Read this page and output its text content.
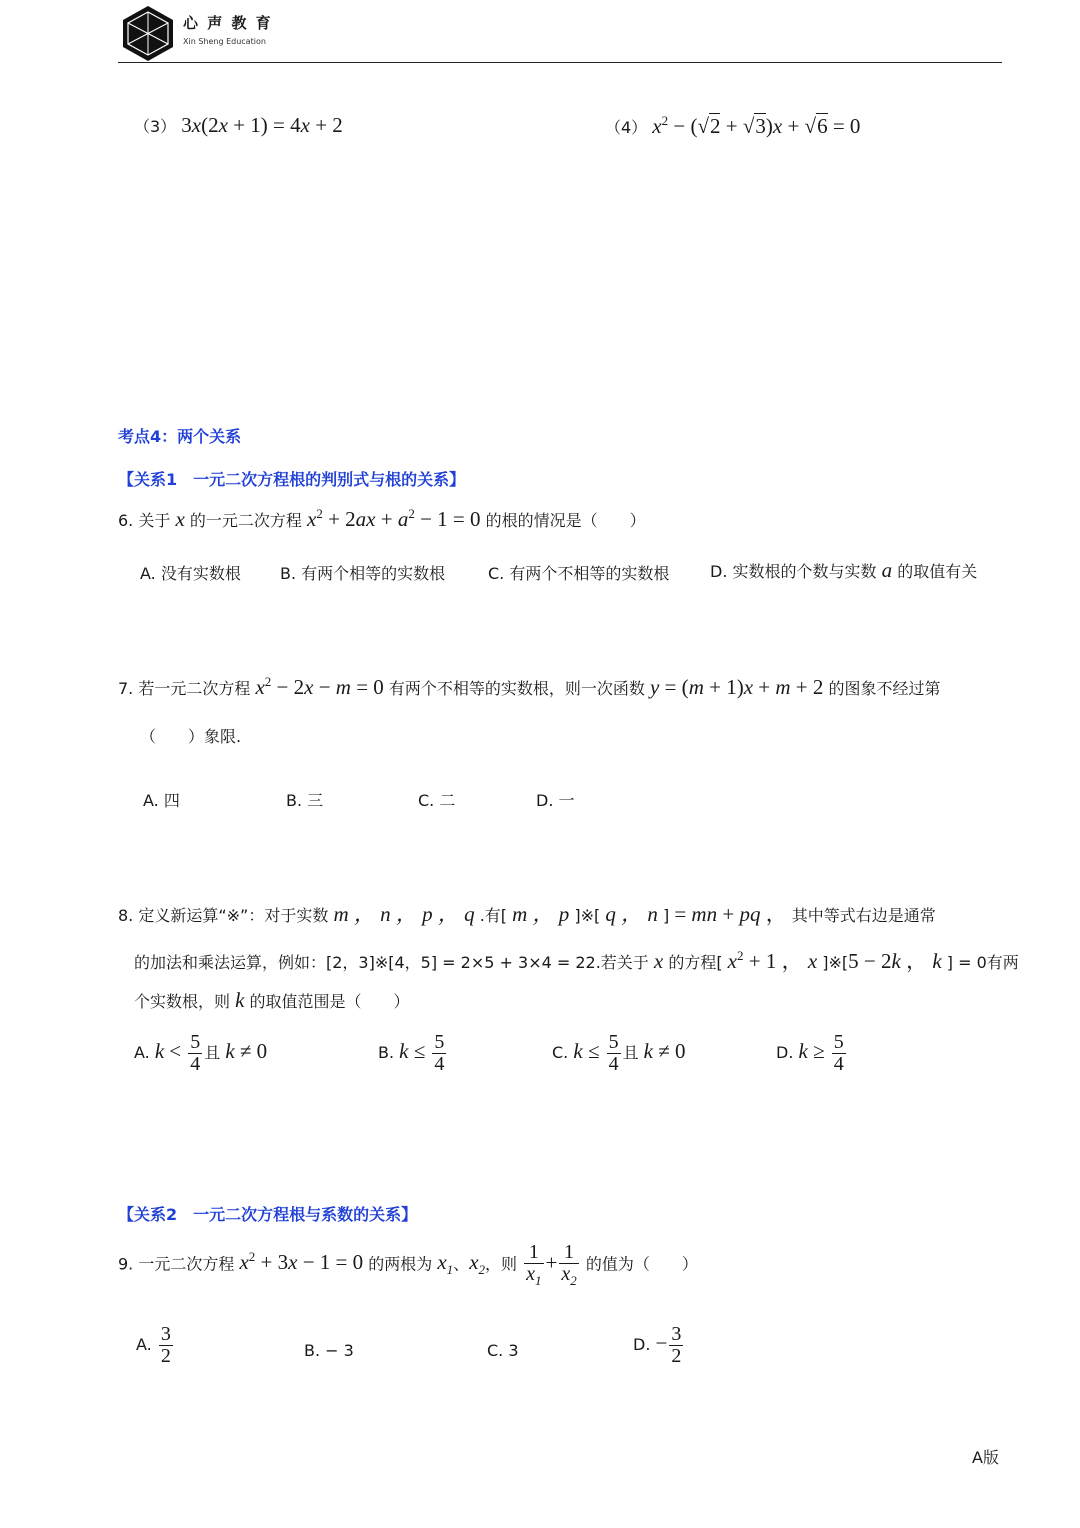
心 声 教 育
Xin Sheng Education
（3） 3x(2x + 1) = 4x + 2	（4） $x^2 - (√2 + √3)x + √6 = 0$
考点4：两个关系
【关系1　一元二次方程根的判别式与根的关系】
6. 关于 x 的一元二次方程 $x^2 + 2ax + a^2 - 1 = 0$ 的根的情况是（　　）
A. 没有实数根 B. 有两个相等的实数根	C. 有两个不相等的实数根	D. 实数根的个数与实数 a 的取值有关
7. 若一元二次方程 $x^2 - 2x - m = 0$ 有两个不相等的实数根，则一次函数 y = (m + 1)x + m + 2 的图象不经过第
（　　）象限.
A. 四	B. 三	C. 二	D. 一
8. 定义新运算“※”：对于实数 m ， n ， p ， q .有[ m ， p ]※[ q ， n ] = mn + pq ， 其中等式右边是通常
的加法和乘法运算，例如：[2，3]※[4，5] = 2×5 + 3×4 = 22.若关于 x 的方程[ $x^2 + 1$ ， x ]※[5 − 2k ， k ] = 0有两
个实数根，则 k 的取值范围是（　　）
A. $k < \frac{5}{4}$ 且 k ≠ 0	B. $k \le \frac{5}{4}$	C. $k \le \frac{5}{4}$ 且 k ≠ 0	D. $k \ge \frac{5}{4}$
【关系2　一元二次方程根与系数的关系】
9. 一元二次方程 $x^2 + 3x - 1 = 0$ 的两根为 $x_1$、$x_2$，则 $\frac{1}{x_1} + \frac{1}{x_2}$ 的值为（　　）
A. $\frac{3}{2}$	B. − 3	C. 3	D. − $\frac{3}{2}$
A版
